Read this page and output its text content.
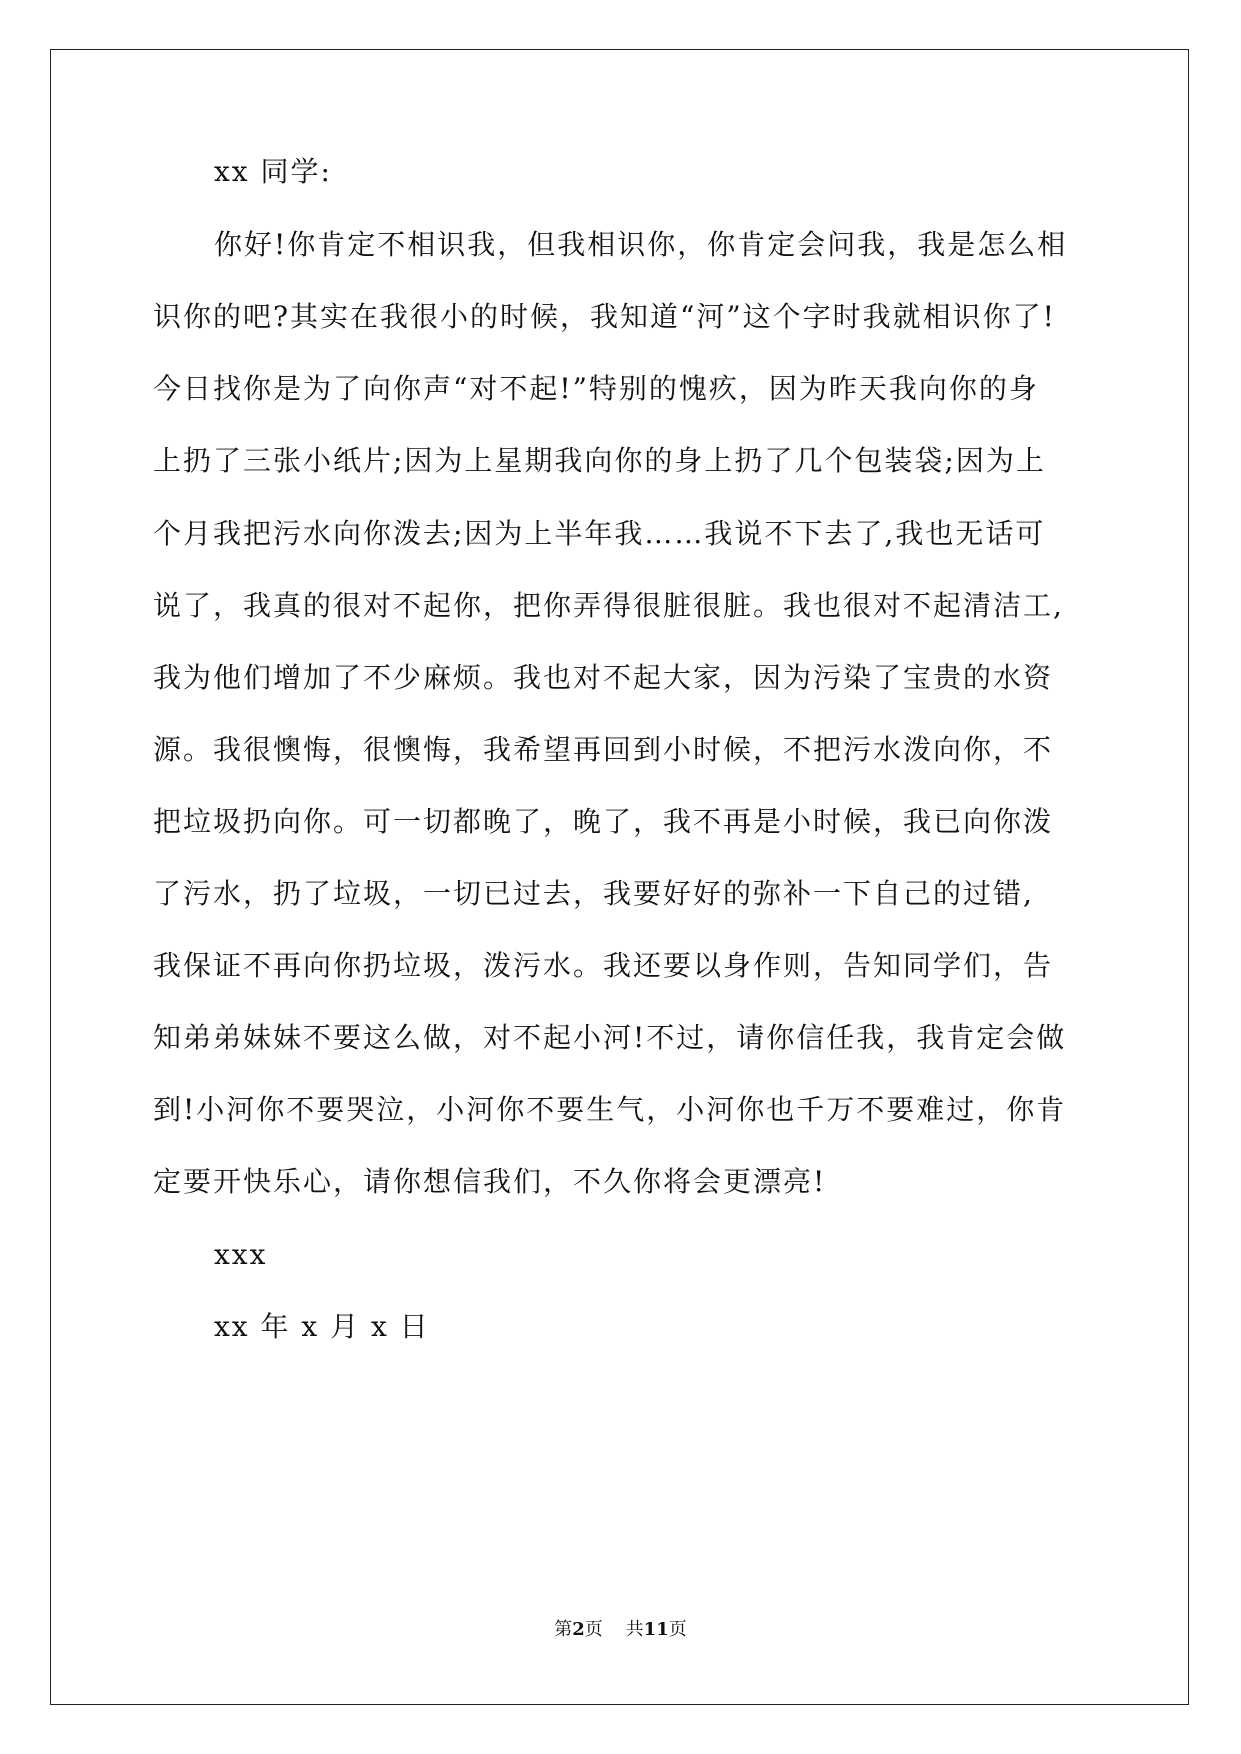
xx 同学:
你好!你肯定不相识我，但我相识你，你肯定会问我，我是怎么相
识你的吧?其实在我很小的时候，我知道“河”这个字时我就相识你了!
今日找你是为了向你声“对不起!”特别的愧疚，因为昨天我向你的身
上扔了三张小纸片;因为上星期我向你的身上扔了几个包装袋;因为上
个月我把污水向你泼去;因为上半年我……我说不下去了,我也无话可
说了，我真的很对不起你，把你弄得很脏很脏。我也很对不起清洁工,
我为他们增加了不少麻烦。我也对不起大家，因为污染了宝贵的水资
源。我很懊悔，很懊悔，我希望再回到小时候，不把污水泼向你，不
把垃圾扔向你。可一切都晚了，晚了，我不再是小时候，我已向你泼
了污水，扔了垃圾，一切已过去，我要好好的弥补一下自己的过错,
我保证不再向你扔垃圾，泼污水。我还要以身作则，告知同学们，告
知弟弟妹妹不要这么做，对不起小河!不过，请你信任我，我肯定会做
到!小河你不要哭泣，小河你不要生气，小河你也千万不要难过，你肯
定要开快乐心，请你想信我们，不久你将会更漂亮!
xxx
xx 年 x 月 x 日
第2页 共11页
